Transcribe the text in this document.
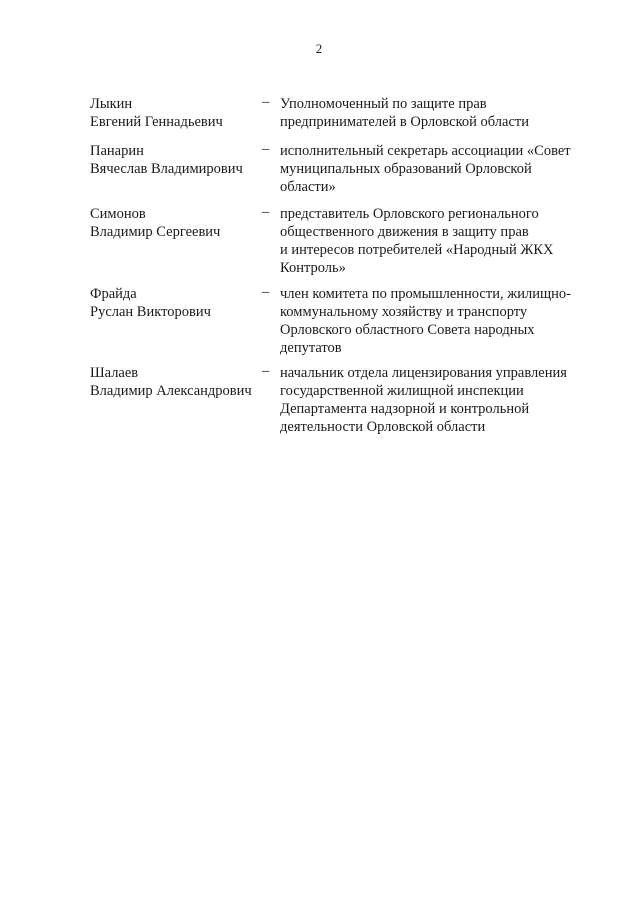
2
Лыкин
Евгений Геннадьевич
– Уполномоченный по защите прав
предпринимателей в Орловской области
Панарин
Вячеслав Владимирович
– исполнительный секретарь ассоциации «Совет
муниципальных образований Орловской
области»
Симонов
Владимир Сергеевич
– представитель Орловского регионального
общественного движения в защиту прав
и интересов потребителей «Народный ЖКХ
Контроль»
Фрайда
Руслан Викторович
– член комитета по промышленности, жилищно-
коммунальному хозяйству и транспорту
Орловского областного Совета народных
депутатов
Шалаев
Владимир Александрович
– начальник отдела лицензирования управления
государственной жилищной инспекции
Департамента надзорной и контрольной
деятельности Орловской области
